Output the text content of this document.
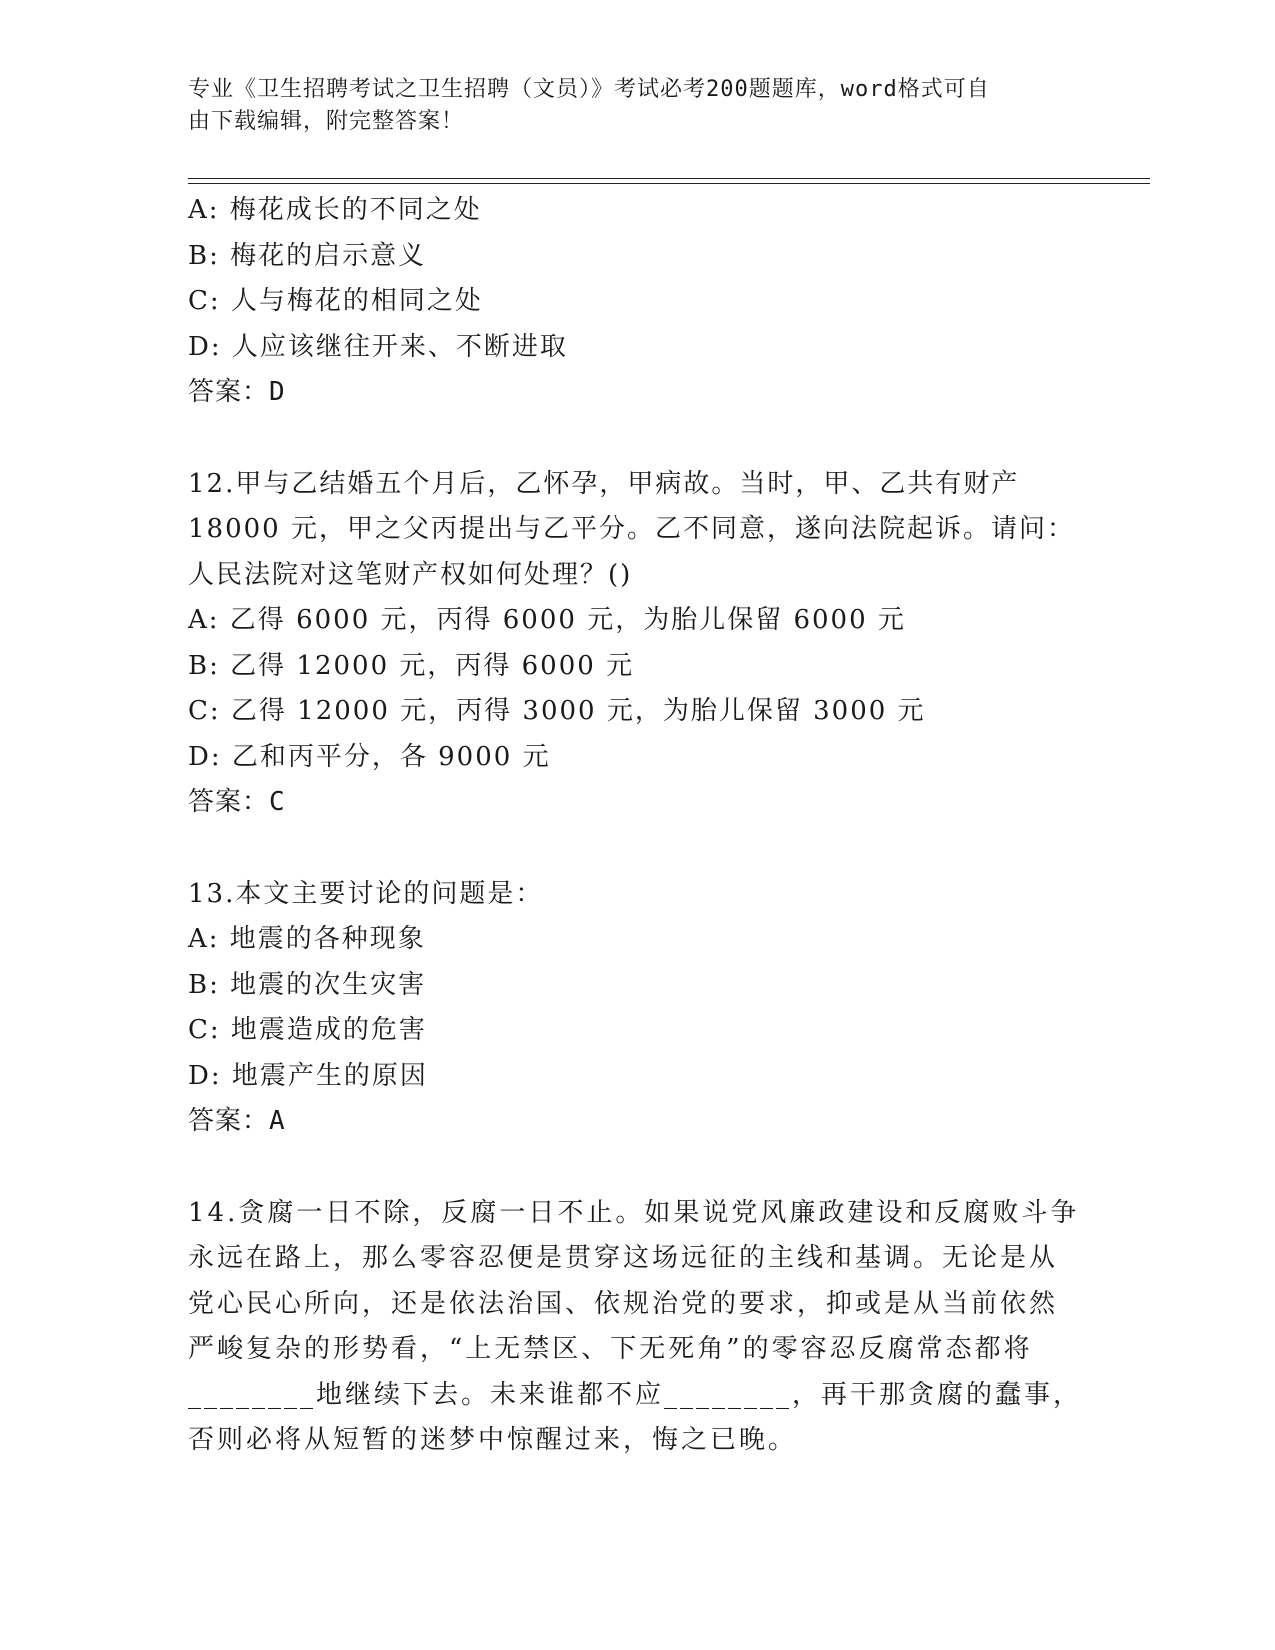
专业《卫生招聘考试之卫生招聘（文员）》考试必考200题题库，word格式可自
由下载编辑，附完整答案！
A: 梅花成长的不同之处
B: 梅花的启示意义
C: 人与梅花的相同之处
D: 人应该继往开来、不断进取
答案：D
12.甲与乙结婚五个月后，乙怀孕，甲病故。当时，甲、乙共有财产
18000 元，甲之父丙提出与乙平分。乙不同意，遂向法院起诉。请问：
人民法院对这笔财产权如何处理？()
A: 乙得 6000 元，丙得 6000 元，为胎儿保留 6000 元
B: 乙得 12000 元，丙得 6000 元
C: 乙得 12000 元，丙得 3000 元，为胎儿保留 3000 元
D: 乙和丙平分，各 9000 元
答案：C
13.本文主要讨论的问题是：
A: 地震的各种现象
B: 地震的次生灾害
C: 地震造成的危害
D: 地震产生的原因
答案：A
14.贪腐一日不除，反腐一日不止。如果说党风廉政建设和反腐败斗争
永远在路上，那么零容忍便是贯穿这场远征的主线和基调。无论是从
党心民心所向，还是依法治国、依规治党的要求，抑或是从当前依然
严峻复杂的形势看，“上无禁区、下无死角”的零容忍反腐常态都将
________地继续下去。未来谁都不应________，再干那贪腐的蠢事，
否则必将从短暂的迷梦中惊醒过来，悔之已晚。
